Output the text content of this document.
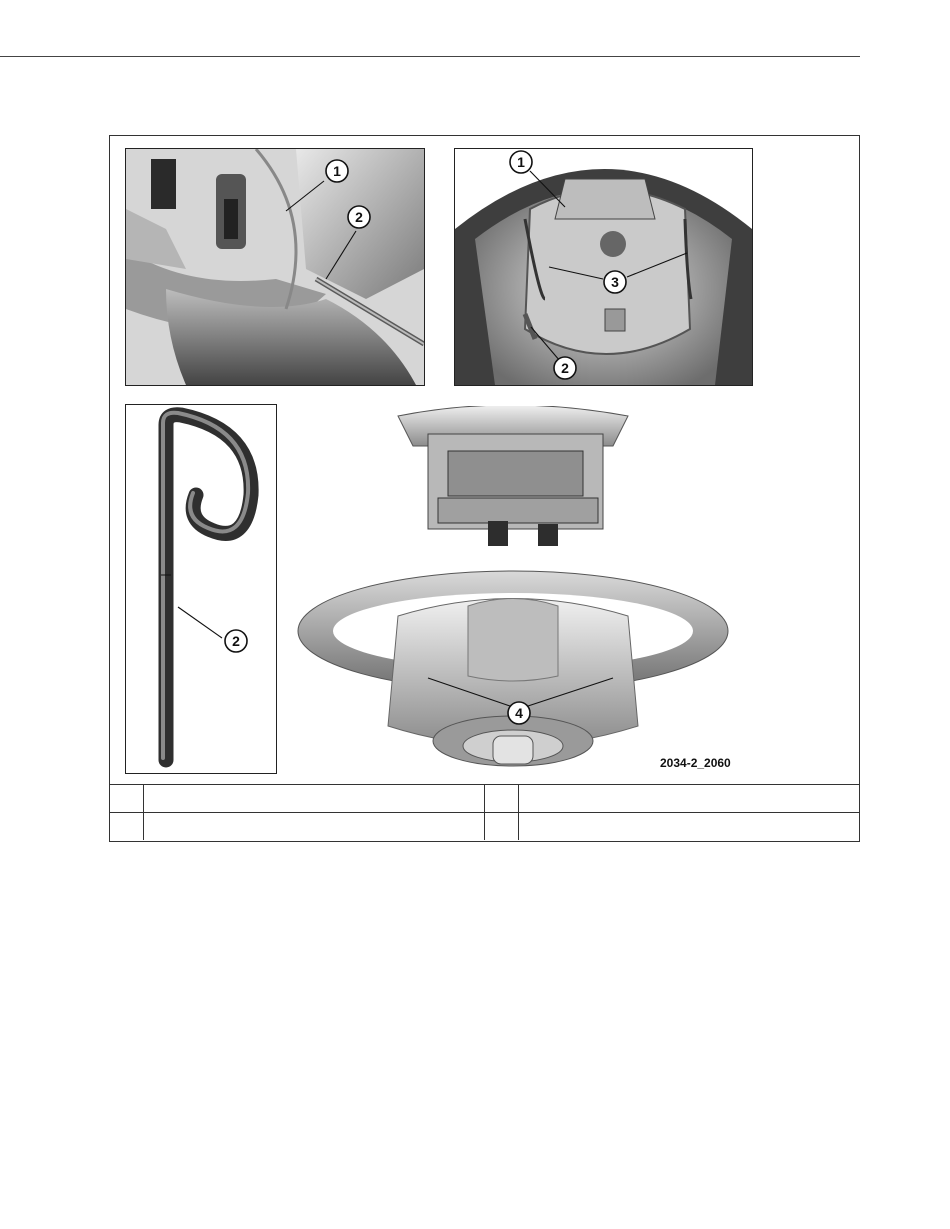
1
2
1
3
2
2
4
2034-2_2060
